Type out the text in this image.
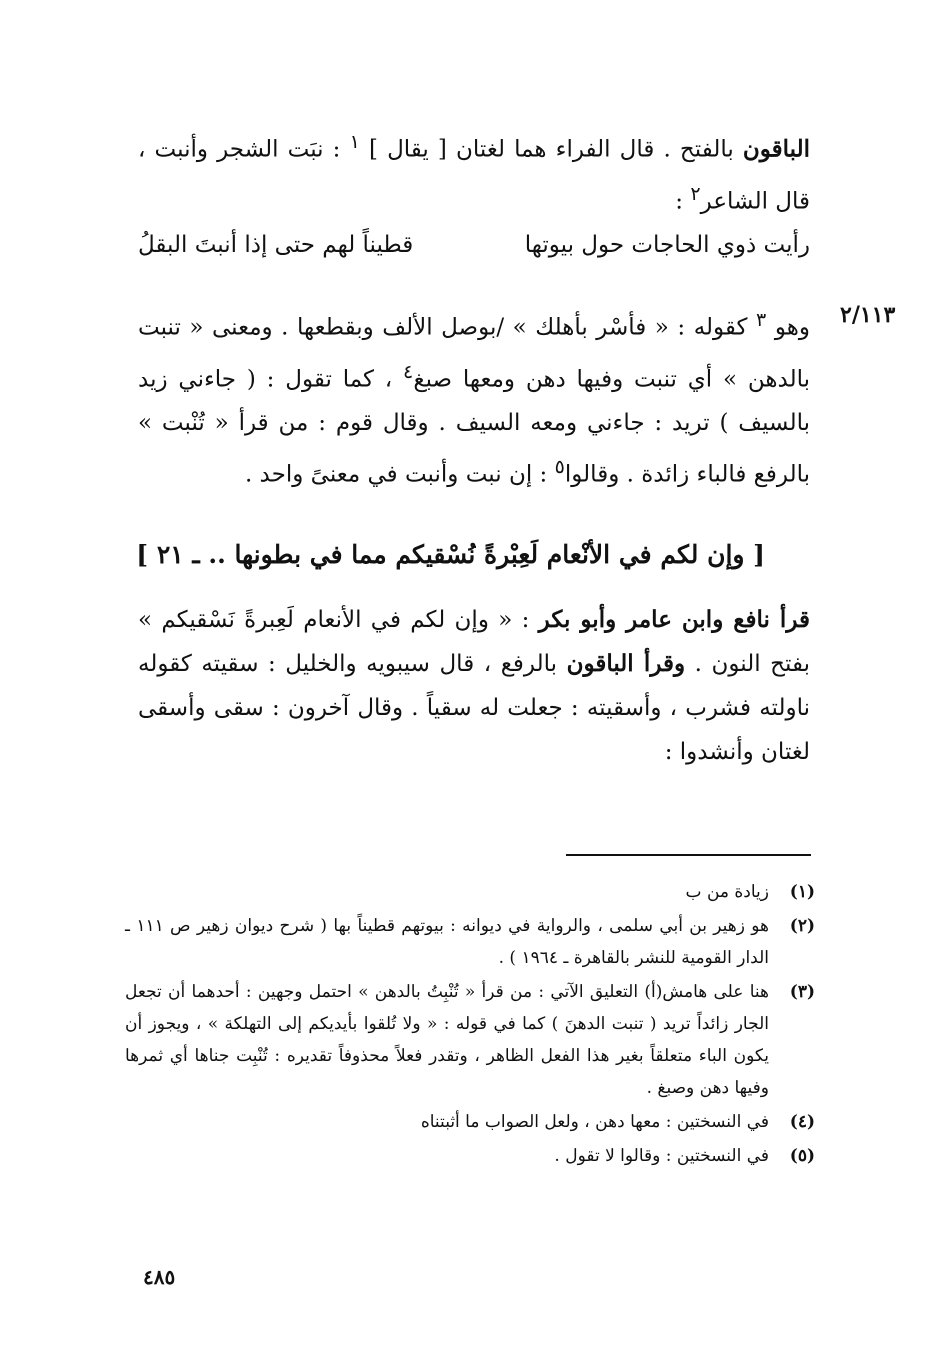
الباقون بالفتح . قال الفراء هما لغتان [ يقال ] $^١$ : نبَت الشجر وأنبت ، قال الشاعر$^٢$ :

رأيت ذوي الحاجات حول بيوتها
قطيناً لهم حتى إذا أنبتَ البقلُ
٢/١١٣

وهو $^٣$ كقوله : « فأسْر بأهلك » /بوصل الألف وبقطعها . ومعنى « تنبت بالدهن » أي تنبت وفيها دهن ومعها صبغ$^٤$ ، كما تقول : ( جاءني زيد بالسيف ) تريد : جاءني ومعه السيف . وقال قوم : من قرأ « تُنْبت » بالرفع فالباء زائدة . وقالوا$^٥$ : إن نبت وأنبت في معنىً واحد .

[ وإن لكم في الأنْعام لَعِبْرةً نُسْقيكم مما في بطونها .. ـ ٢١ ]

قرأ نافع وابن عامر وأبو بكر : « وإن لكم في الأنعام لَعِبرةً نَسْقيكم » بفتح النون . وقرأ الباقون بالرفع ، قال سيبويه والخليل : سقيته كقوله ناولته فشرب ، وأسقيته : جعلت له سقياً . وقال آخرون : سقى وأسقى لغتان وأنشدوا :

(١)
زيادة من ب
(٢)
هو زهير بن أبي سلمى ، والرواية في ديوانه : بيوتهم قطيناً بها ( شرح ديوان زهير ص ١١١ ـ الدار القومية للنشر بالقاهرة ـ ١٩٦٤ ) .
(٣)
هنا على هامش(أ) التعليق الآتي : من قرأ « تُنْبِتُ بالدهن » احتمل وجهين : أحدهما أن تجعل الجار زائداً تريد ( تنبت الدهنَ ) كما في قوله : « ولا تُلقوا بأيديكم إلى التهلكة » ، ويجوز أن يكون الباء متعلقاً بغير هذا الفعل الظاهر ، وتقدر فعلاً محذوفاً تقديره : تُنْبِت جناها أي ثمرها وفيها دهن وصبغ .
(٤)
في النسختين : معها دهن ، ولعل الصواب ما أثبتناه
(٥)
في النسختين : وقالوا لا تقول .
٤٨٥
